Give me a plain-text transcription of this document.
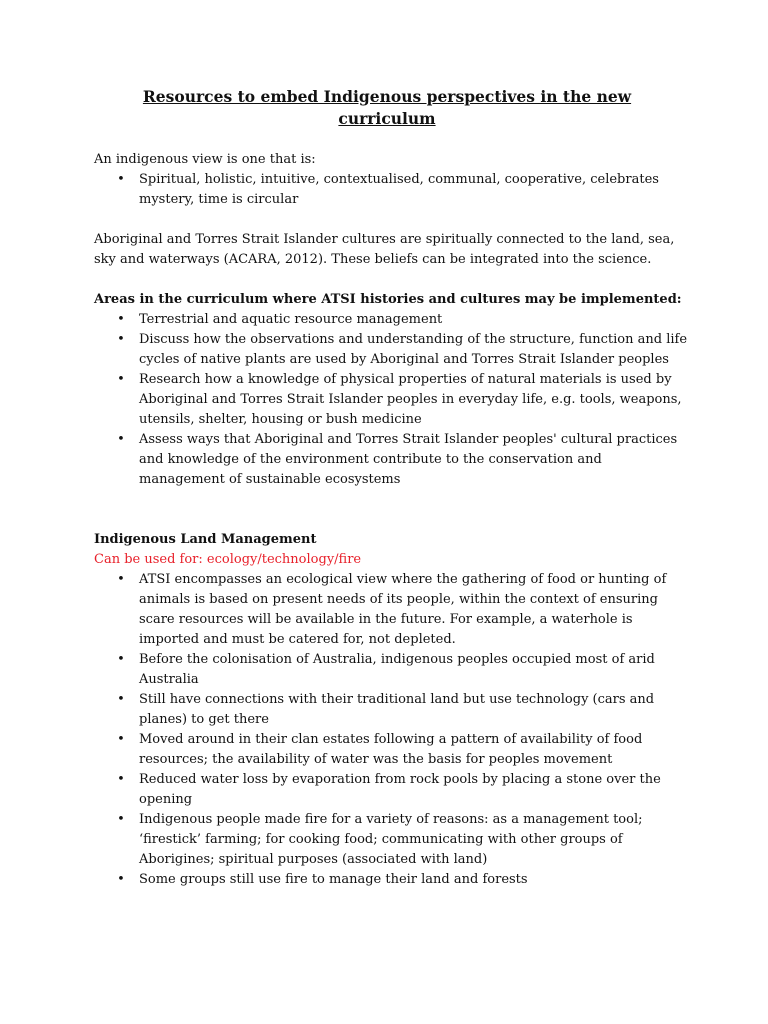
Resources to embed Indigenous perspectives in the new curriculum

An indigenous view is one that is:

• Spiritual, holistic, intuitive, contextualised, communal, cooperative, celebrates mystery, time is circular

Aboriginal and Torres Strait Islander cultures are spiritually connected to the land, sea, sky and waterways (ACARA, 2012). These beliefs can be integrated into the science.

Areas in the curriculum where ATSI histories and cultures may be implemented:

• Terrestrial and aquatic resource management
• Discuss how the observations and understanding of the structure, function and life cycles of native plants are used by Aboriginal and Torres Strait Islander peoples
• Research how a knowledge of physical properties of natural materials is used by Aboriginal and Torres Strait Islander peoples in everyday life, e.g. tools, weapons, utensils, shelter, housing or bush medicine
• Assess ways that Aboriginal and Torres Strait Islander peoples' cultural practices and knowledge of the environment contribute to the conservation and management of sustainable ecosystems

Indigenous Land Management

Can be used for: ecology/technology/fire

• ATSI encompasses an ecological view where the gathering of food or hunting of animals is based on present needs of its people, within the context of ensuring scare resources will be available in the future. For example, a waterhole is imported and must be catered for, not depleted.
• Before the colonisation of Australia, indigenous peoples occupied most of arid Australia
• Still have connections with their traditional land but use technology (cars and planes) to get there
• Moved around in their clan estates following a pattern of availability of food resources; the availability of water was the basis for peoples movement
• Reduced water loss by evaporation from rock pools by placing a stone over the opening
• Indigenous people made fire for a variety of reasons: as a management tool; ‘firestick’ farming; for cooking food; communicating with other groups of Aborigines; spiritual purposes (associated with land)
• Some groups still use fire to manage their land and forests
